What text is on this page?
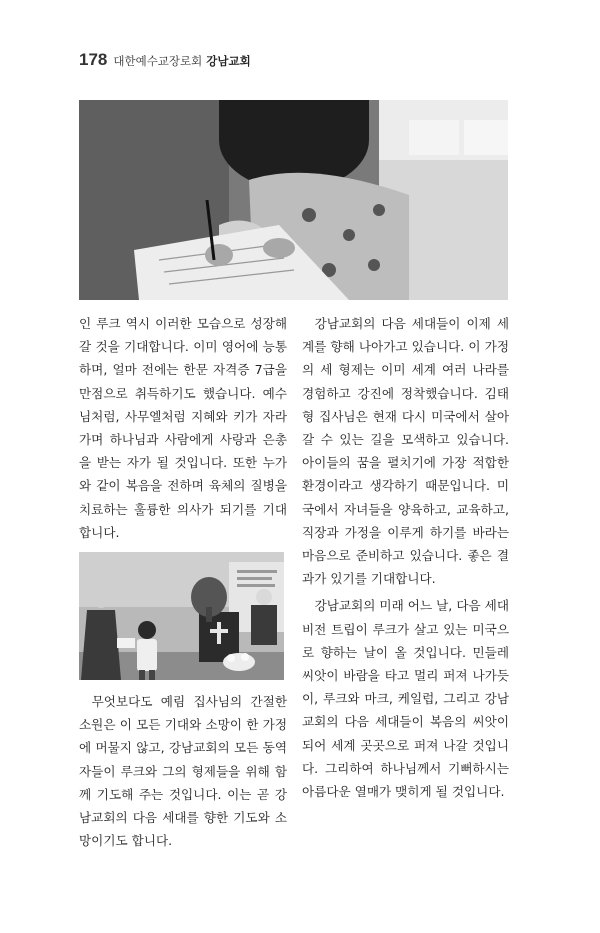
178 대한예수교장로회 강남교회

인 루크 역시 이러한 모습으로 성장해 갈 것을 기대합니다. 이미 영어에 능통하며, 얼마 전에는 한문 자격증 7급을 만점으로 취득하기도 했습니다. 예수님처럼, 사무엘처럼 지혜와 키가 자라가며 하나님과 사람에게 사랑과 은총을 받는 자가 될 것입니다. 또한 누가와 같이 복음을 전하며 육체의 질병을 치료하는 훌륭한 의사가 되기를 기대합니다.

무엇보다도 예림 집사님의 간절한 소원은 이 모든 기대와 소망이 한 가정에 머물지 않고, 강남교회의 모든 동역자들이 루크와 그의 형제들을 위해 함께 기도해 주는 것입니다. 이는 곧 강남교회의 다음 세대를 향한 기도와 소망이기도 합니다.

강남교회의 다음 세대들이 이제 세계를 향해 나아가고 있습니다. 이 가정의 세 형제는 이미 세계 여러 나라를 경험하고 강진에 정착했습니다. 김태형 집사님은 현재 다시 미국에서 살아갈 수 있는 길을 모색하고 있습니다. 아이들의 꿈을 펼치기에 가장 적합한 환경이라고 생각하기 때문입니다. 미국에서 자녀들을 양육하고, 교육하고, 직장과 가정을 이루게 하기를 바라는 마음으로 준비하고 있습니다. 좋은 결과가 있기를 기대합니다.

강남교회의 미래 어느 날, 다음 세대 비전 트립이 루크가 살고 있는 미국으로 향하는 날이 올 것입니다. 민들레 씨앗이 바람을 타고 멀리 퍼져 나가듯이, 루크와 마크, 케일럽, 그리고 강남교회의 다음 세대들이 복음의 씨앗이 되어 세계 곳곳으로 퍼져 나갈 것입니다. 그리하여 하나님께서 기뻐하시는 아름다운 열매가 맺히게 될 것입니다.
